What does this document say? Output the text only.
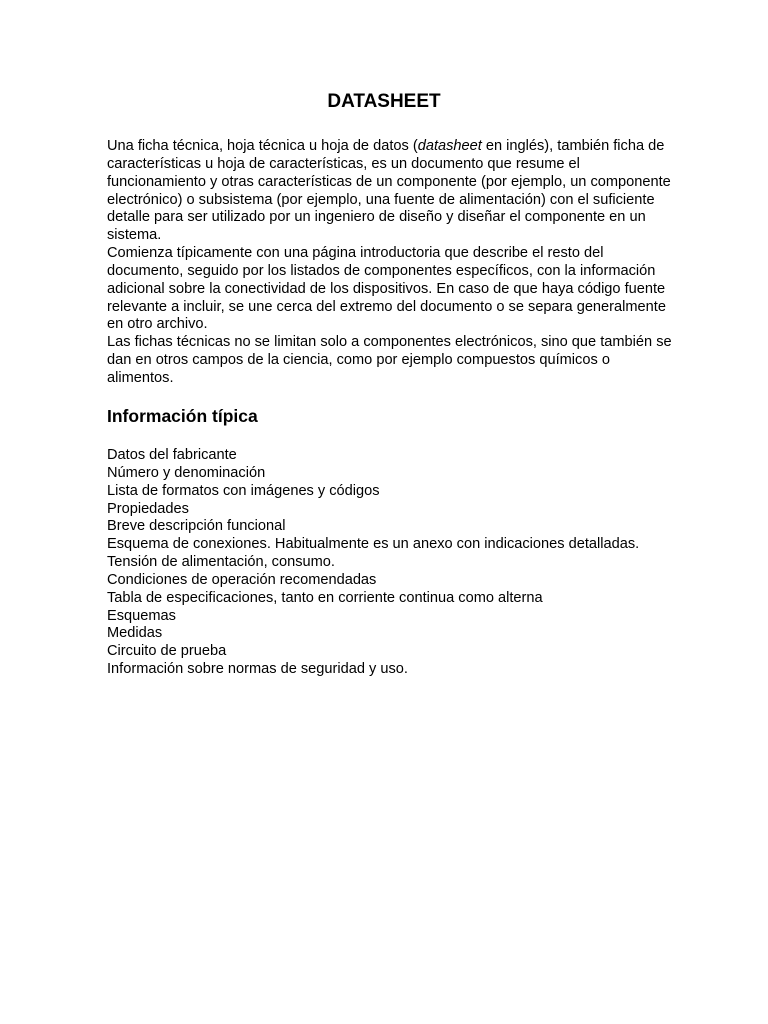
DATASHEET

Una ficha técnica, hoja técnica u hoja de datos (datasheet en inglés), también ficha de características u hoja de características, es un documento que resume el funcionamiento y otras características de un componente (por ejemplo, un componente electrónico) o subsistema (por ejemplo, una fuente de alimentación) con el suficiente detalle para ser utilizado por un ingeniero de diseño y diseñar el componente en un sistema.

Comienza típicamente con una página introductoria que describe el resto del documento, seguido por los listados de componentes específicos, con la información adicional sobre la conectividad de los dispositivos. En caso de que haya código fuente relevante a incluir, se une cerca del extremo del documento o se separa generalmente en otro archivo.

Las fichas técnicas no se limitan solo a componentes electrónicos, sino que también se dan en otros campos de la ciencia, como por ejemplo compuestos químicos o alimentos.

Información típica
Datos del fabricante
Número y denominación
Lista de formatos con imágenes y códigos
Propiedades
Breve descripción funcional
Esquema de conexiones. Habitualmente es un anexo con indicaciones detalladas.
Tensión de alimentación, consumo.
Condiciones de operación recomendadas
Tabla de especificaciones, tanto en corriente continua como alterna
Esquemas
Medidas
Circuito de prueba
Información sobre normas de seguridad y uso.
